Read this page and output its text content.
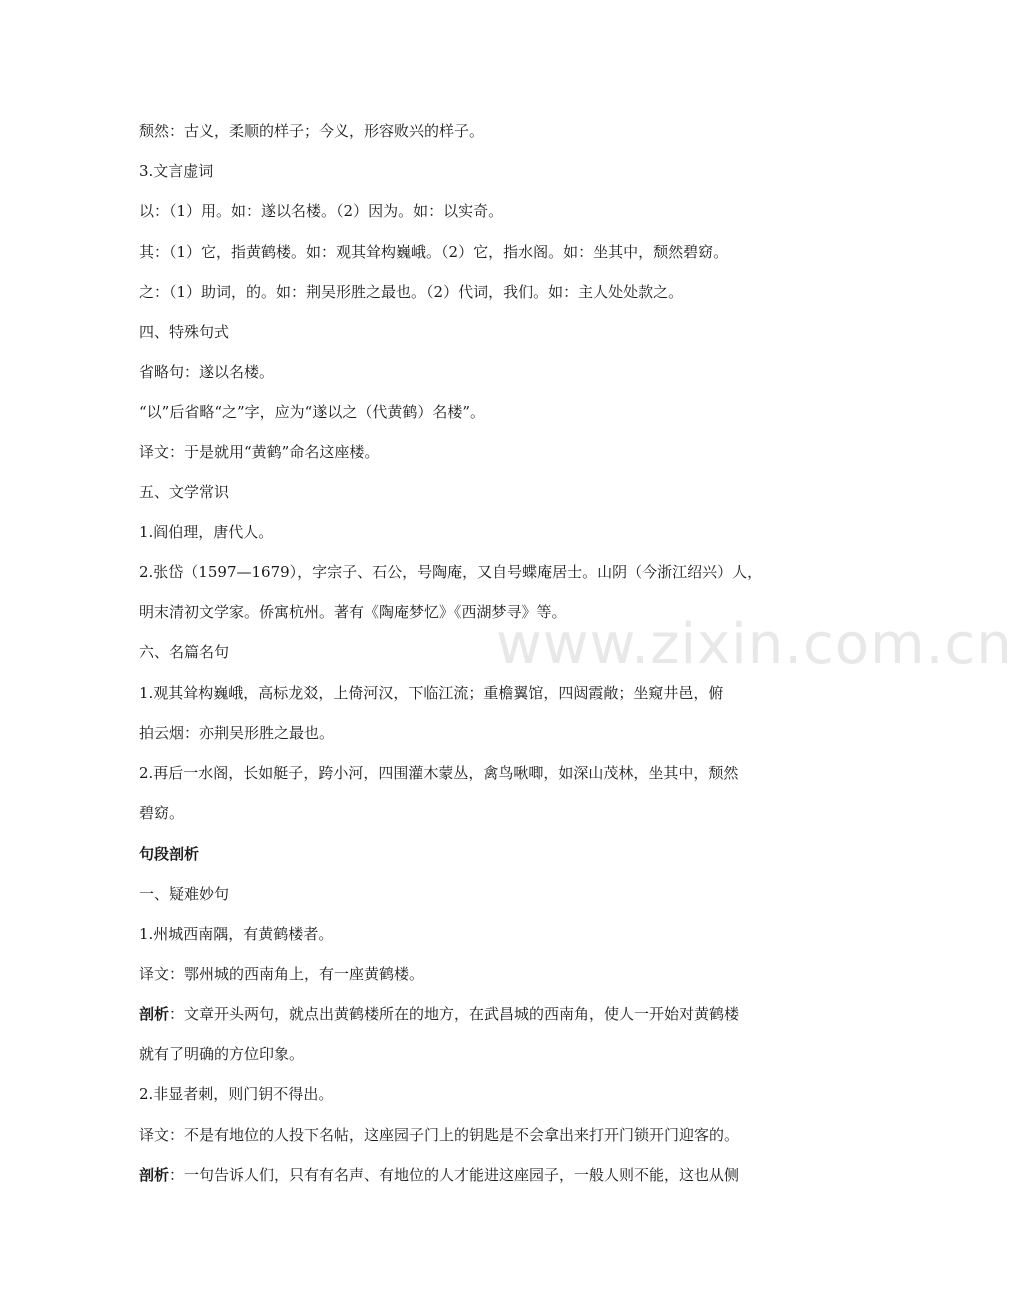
www.zixin.com.cn
颓然：古义，柔顺的样子；今义，形容败兴的样子。
3.文言虚词
以：（1）用。如：遂以名楼。（2）因为。如：以实奇。
其：（1）它，指黄鹤楼。如：观其耸构巍峨。（2）它，指水阁。如：坐其中，颓然碧窈。
之：（1）助词，的。如：荆吴形胜之最也。（2）代词，我们。如：主人处处款之。
四、特殊句式
省略句：遂以名楼。
“以”后省略“之”字，应为“遂以之（代黄鹤）名楼”。
译文：于是就用“黄鹤”命名这座楼。
五、文学常识
1.阎伯理，唐代人。
2.张岱（1597—1679），字宗子、石公，号陶庵，又自号蝶庵居士。山阴（今浙江绍兴）人，
明末清初文学家。侨寓杭州。著有《陶庵梦忆》《西湖梦寻》等。
六、名篇名句
1.观其耸构巍峨，高标龙㸚，上倚河汉，下临江流；重檐翼馆，四闼霞敞；坐窥井邑，俯
拍云烟：亦荆吴形胜之最也。
2.再后一水阁，长如艇子，跨小河，四围灌木蒙丛，禽鸟啾唧，如深山茂林，坐其中，颓然
碧窈。
句段剖析
一、疑难妙句
1.州城西南隅，有黄鹤楼者。
译文：鄂州城的西南角上，有一座黄鹤楼。
剖析：文章开头两句，就点出黄鹤楼所在的地方，在武昌城的西南角，使人一开始对黄鹤楼
就有了明确的方位印象。
2.非显者刺，则门钥不得出。
译文：不是有地位的人投下名帖，这座园子门上的钥匙是不会拿出来打开门锁开门迎客的。
剖析：一句告诉人们，只有有名声、有地位的人才能进这座园子，一般人则不能，这也从侧
